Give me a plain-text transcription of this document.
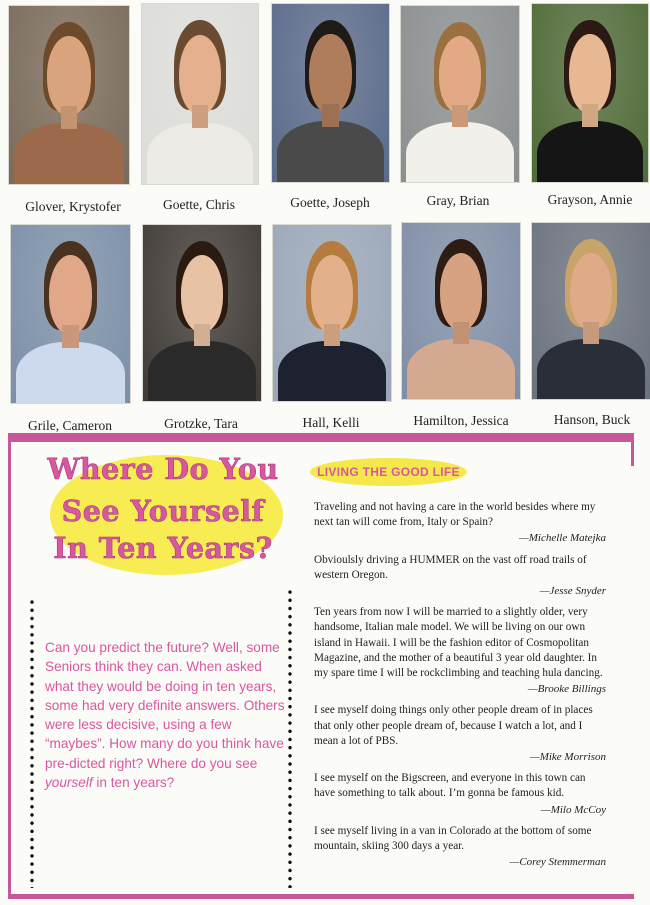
Glover, Krystofer	Goette, Chris	Goette, Joseph	Gray, Brian	Grayson, Annie
Grile, Cameron	Grotzke, Tara	Hall, Kelli	Hamilton, Jessica	Hanson, Buck
Where Do You
See Yourself
In Ten Years?
LIVING THE GOOD LIFE
Can you predict the future? Well, some Seniors think they can. When asked what they would be doing in ten years, some had very definite answers. Others were less decisive, using a few “maybes”. How many do you think have pre-dicted right? Where do you see yourself in ten years?

Traveling and not having a care in the world besides where my next tan will come from, Italy or Spain?

—Michelle Matejka

Obvioulsly driving a HUMMER on the vast off road trails of western Oregon.

—Jesse Snyder

Ten years from now I will be married to a slightly older, very handsome, Italian male model. We will be living on our own island in Hawaii. I will be the fashion editor of Cosmopolitan Magazine, and the mother of a beautiful 3 year old daughter. In my spare time I will be rockclimbing and teaching hula dancing.

—Brooke Billings

I see myself doing things only other people dream of in places that only other people dream of, because I watch a lot, and I mean a lot of PBS.

—Mike Morrison

I see myself on the Bigscreen, and everyone in this town can have something to talk about. I’m gonna be famous kid.

—Milo McCoy

I see myself living in a van in Colorado at the bottom of some mountain, skiing 300 days a year.

—Corey Stemmerman
